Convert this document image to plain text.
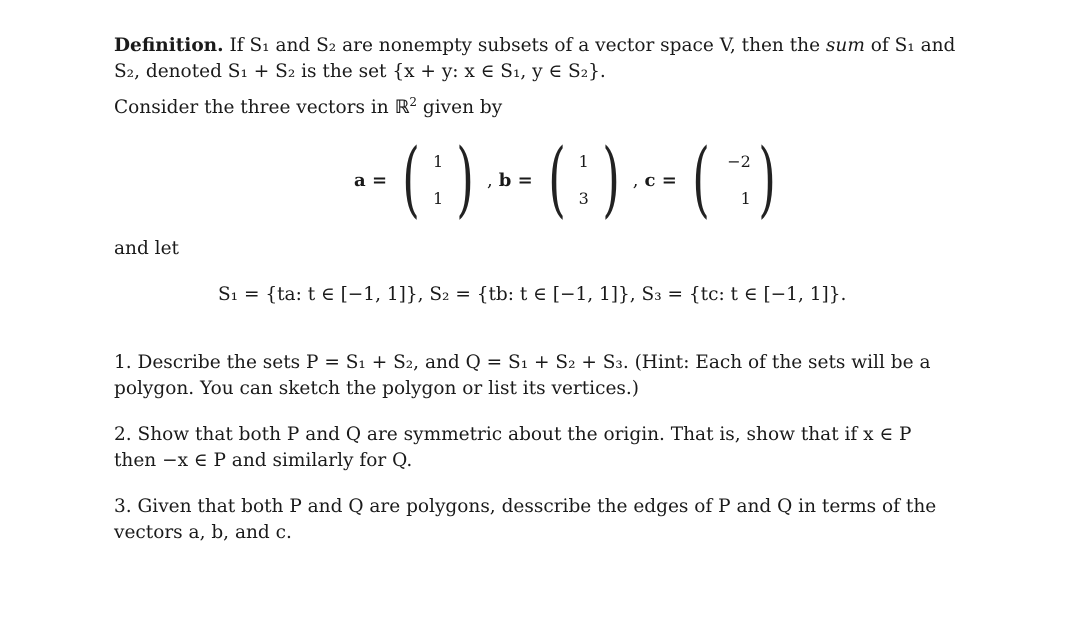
Definition. If S₁ and S₂ are nonempty subsets of a vector space V, then the sum of S₁ and
S₂, denoted S₁ + S₂ is the set {x + y: x ∈ S₁, y ∈ S₂}.
Consider the three vectors in ℝ$^2$ given by
a = ( 1
1 ) , b = ( 1
3 ) , c = (	−2
1 )
and let
S₁ = {ta: t ∈ [−1, 1]}, S₂ = {tb: t ∈ [−1, 1]}, S₃ = {tc: t ∈ [−1, 1]}.
1. Describe the sets P = S₁ + S₂, and Q = S₁ + S₂ + S₃. (Hint: Each of the sets will be a
polygon. You can sketch the polygon or list its vertices.)
2. Show that both P and Q are symmetric about the origin. That is, show that if x ∈ P
then −x ∈ P and similarly for Q.
3. Given that both P and Q are polygons, desscribe the edges of P and Q in terms of the
vectors a, b, and c.
